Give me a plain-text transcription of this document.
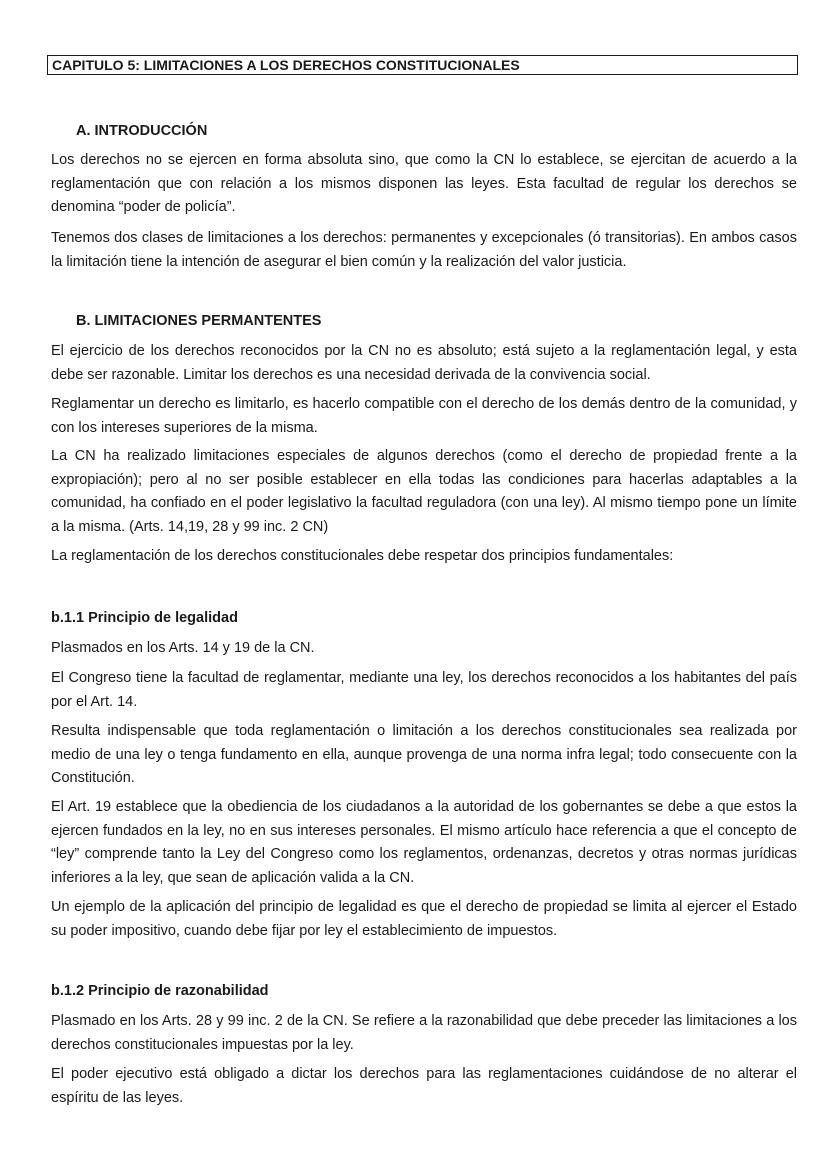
CAPITULO 5: LIMITACIONES A LOS DERECHOS CONSTITUCIONALES
A. INTRODUCCIÓN
Los derechos no se ejercen en forma absoluta sino, que como la CN lo establece, se ejercitan de acuerdo a la reglamentación que con relación a los mismos disponen las leyes. Esta facultad de regular los derechos se denomina “poder de policía”.
Tenemos dos clases de limitaciones a los derechos: permanentes y excepcionales (ó transitorias). En ambos casos la limitación tiene la intención de asegurar el bien común y la realización del valor justicia.
B. LIMITACIONES PERMANTENTES
El ejercicio de los derechos reconocidos por la CN no es absoluto; está sujeto a la reglamentación legal, y esta debe ser razonable. Limitar los derechos es una necesidad derivada de la convivencia social.
Reglamentar un derecho es limitarlo, es hacerlo compatible con el derecho de los demás dentro de la comunidad, y con los intereses superiores de la misma.
La CN ha realizado limitaciones especiales de algunos derechos (como el derecho de propiedad frente a la expropiación); pero al no ser posible establecer en ella todas las condiciones para hacerlas adaptables a la comunidad, ha confiado en el poder legislativo la facultad reguladora (con una ley). Al mismo tiempo pone un límite a la misma. (Arts. 14,19, 28 y 99 inc. 2 CN)
La reglamentación de los derechos constitucionales debe respetar dos principios fundamentales:
b.1.1 Principio de legalidad
Plasmados en los Arts. 14 y 19 de la CN.
El Congreso tiene la facultad de reglamentar, mediante una ley, los derechos reconocidos a los habitantes del país por el Art. 14.
Resulta indispensable que toda reglamentación o limitación a los derechos constitucionales sea realizada por medio de una ley o tenga fundamento en ella, aunque provenga de una norma infra legal; todo consecuente con la Constitución.
El Art. 19 establece que la obediencia de los ciudadanos a la autoridad de los gobernantes se debe a que estos la ejercen fundados en la ley, no en sus intereses personales. El mismo artículo hace referencia a que el concepto de “ley” comprende tanto la Ley del Congreso como los reglamentos, ordenanzas, decretos y otras normas jurídicas inferiores a la ley, que sean de aplicación valida a la CN.
Un ejemplo de la aplicación del principio de legalidad es que el derecho de propiedad se limita al ejercer el Estado su poder impositivo, cuando debe fijar por ley el establecimiento de impuestos.
b.1.2 Principio de razonabilidad
Plasmado en los Arts. 28 y 99 inc. 2 de la CN. Se refiere a la razonabilidad que debe preceder las limitaciones a los derechos constitucionales impuestas por la ley.
El poder ejecutivo está obligado a dictar los derechos para las reglamentaciones cuidándose de no alterar el espíritu de las leyes.
